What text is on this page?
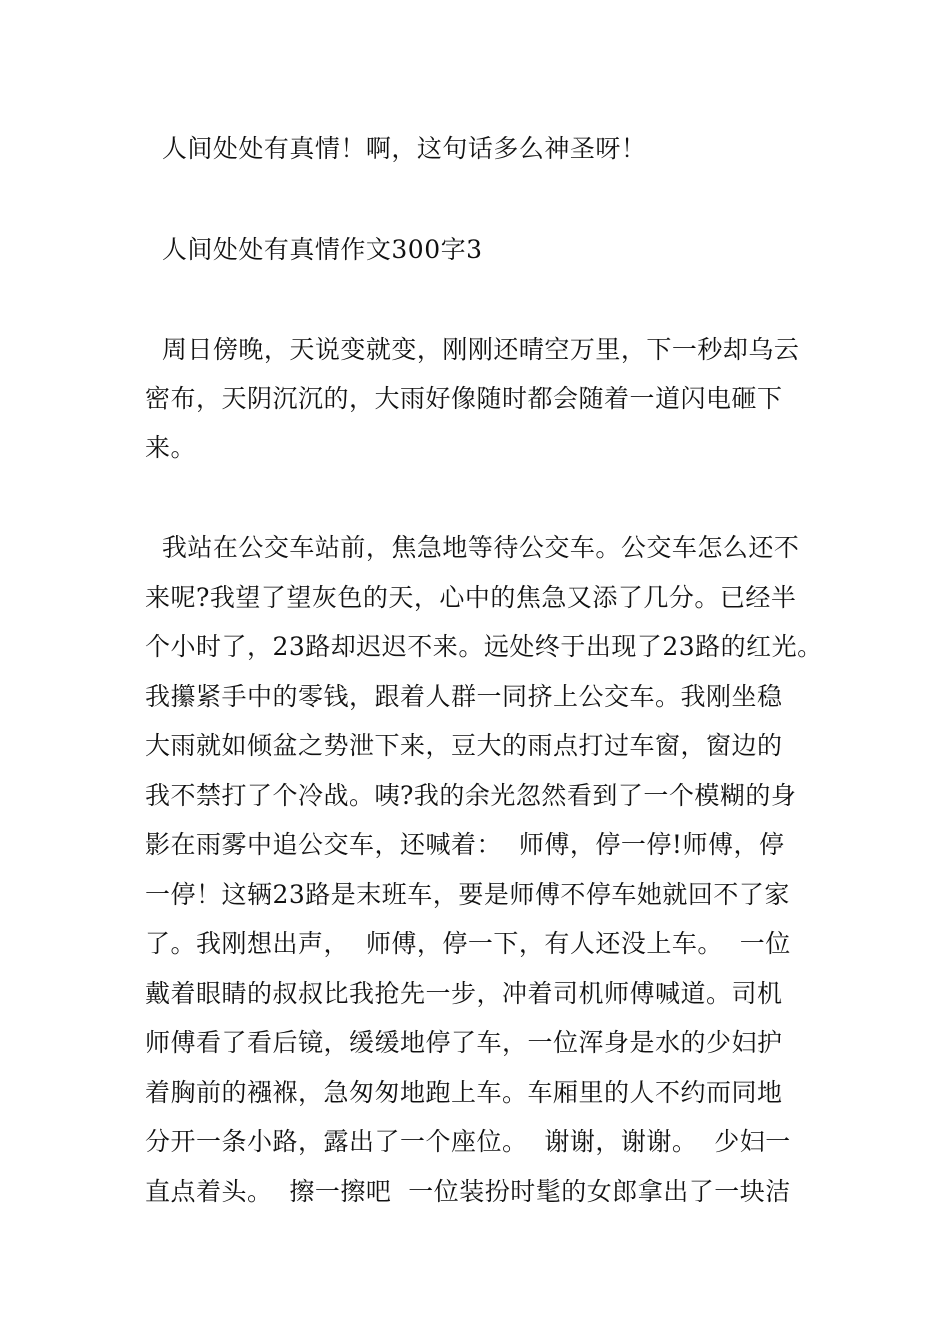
人间处处有真情！啊，这句话多么神圣呀！
人间处处有真情作文300字3
周日傍晚，天说变就变，刚刚还晴空万里，下一秒却乌云
密布，天阴沉沉的，大雨好像随时都会随着一道闪电砸下
来。
我站在公交车站前，焦急地等待公交车。公交车怎么还不
来呢?我望了望灰色的天，心中的焦急又添了几分。已经半
个小时了，23路却迟迟不来。远处终于出现了23路的红光。
我攥紧手中的零钱，跟着人群一同挤上公交车。我刚坐稳
大雨就如倾盆之势泄下来，豆大的雨点打过车窗，窗边的
我不禁打了个冷战。咦?我的余光忽然看到了一个模糊的身
影在雨雾中追公交车，还喊着：  师傅，停一停!师傅，停
一停！这辆23路是末班车，要是师傅不停车她就回不了家
了。我刚想出声，  师傅，停一下，有人还没上车。  一位
戴着眼睛的叔叔比我抢先一步，冲着司机师傅喊道。司机
师傅看了看后镜，缓缓地停了车，一位浑身是水的少妇护
着胸前的襁褓，急匆匆地跑上车。车厢里的人不约而同地
分开一条小路，露出了一个座位。  谢谢，谢谢。  少妇一
直点着头。  擦一擦吧  一位装扮时髦的女郎拿出了一块洁
